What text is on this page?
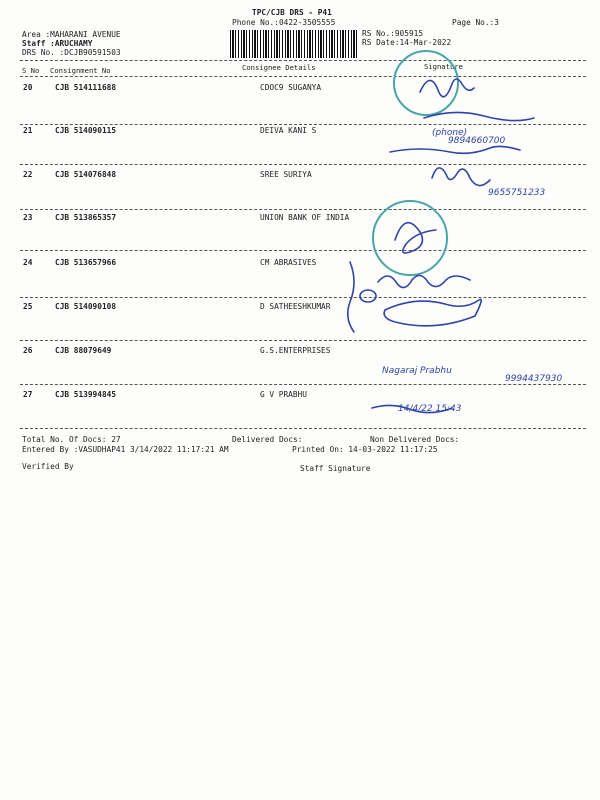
TPC/CJB DRS - P41
Phone No.:0422-3505555	Page No.:3
Area :MAHARANI AVENUE
Staff :ARUCHAMY
DRS No. :DCJB90591503
RS No.:905915
RS Date:14-Mar-2022
S No Consignment No	Consignee Details	Signature
20	CJB 514111688	CDOC9 SUGANYA
21	CJB 514090115	DEIVA KANI S
22	CJB 514076848	SREE SURIYA
23	CJB 513865357	UNION BANK OF INDIA
24	CJB 513657966	CM ABRASIVES
25	CJB 514090108	D SATHEESHKUMAR
26	CJB 88079649	G.S.ENTERPRISES
27	CJB 513994845	G V PRABHU
Total No. Of Docs: 27	Delivered Docs:	Non Delivered Docs:
Entered By :VASUDHAP41 3/14/2022 11:17:21 AM	Printed On: 14-03-2022 11:17:25
Verified By	Staff Signature
(phone)
9894660700
9655751233
Nagaraj Prabhu
9994437930
14/4/22 15:43
